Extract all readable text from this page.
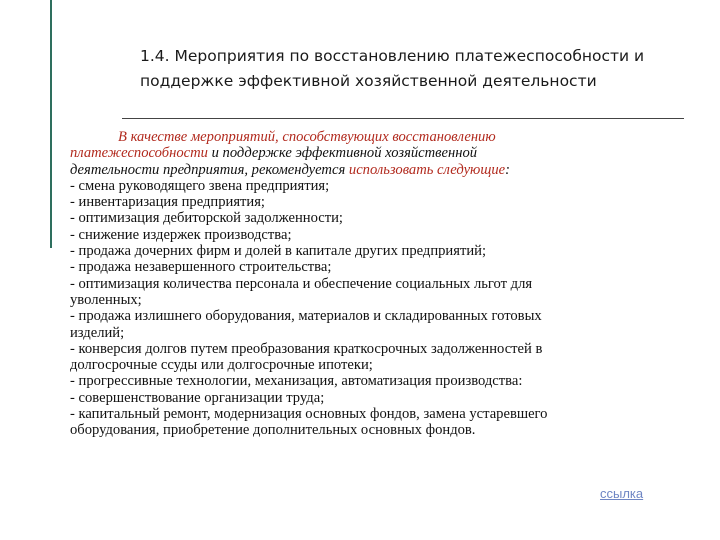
1.4. Мероприятия по восстановлению платежеспособности и
поддержке эффективной хозяйственной деятельности
В качестве мероприятий, способствующих восстановлению
платежеспособности и поддержке эффективной хозяйственной
деятельности предприятия, рекомендуется использовать следующие:
- смена руководящего звена предприятия;
- инвентаризация предприятия;
- оптимизация дебиторской задолженности;
- снижение издержек производства;
- продажа дочерних фирм и долей в капитале других предприятий;
- продажа незавершенного строительства;
- оптимизация количества персонала и обеспечение социальных льгот для
уволенных;
- продажа излишнего оборудования, материалов и складированных готовых
изделий;
- конверсия долгов путем преобразования краткосрочных задолженностей в
долгосрочные ссуды или долгосрочные ипотеки;
- прогрессивные технологии, механизация, автоматизация производства:
- совершенствование организации труда;
- капитальный ремонт, модернизация основных фондов, замена устаревшего
оборудования, приобретение дополнительных основных фондов.
ссылка
